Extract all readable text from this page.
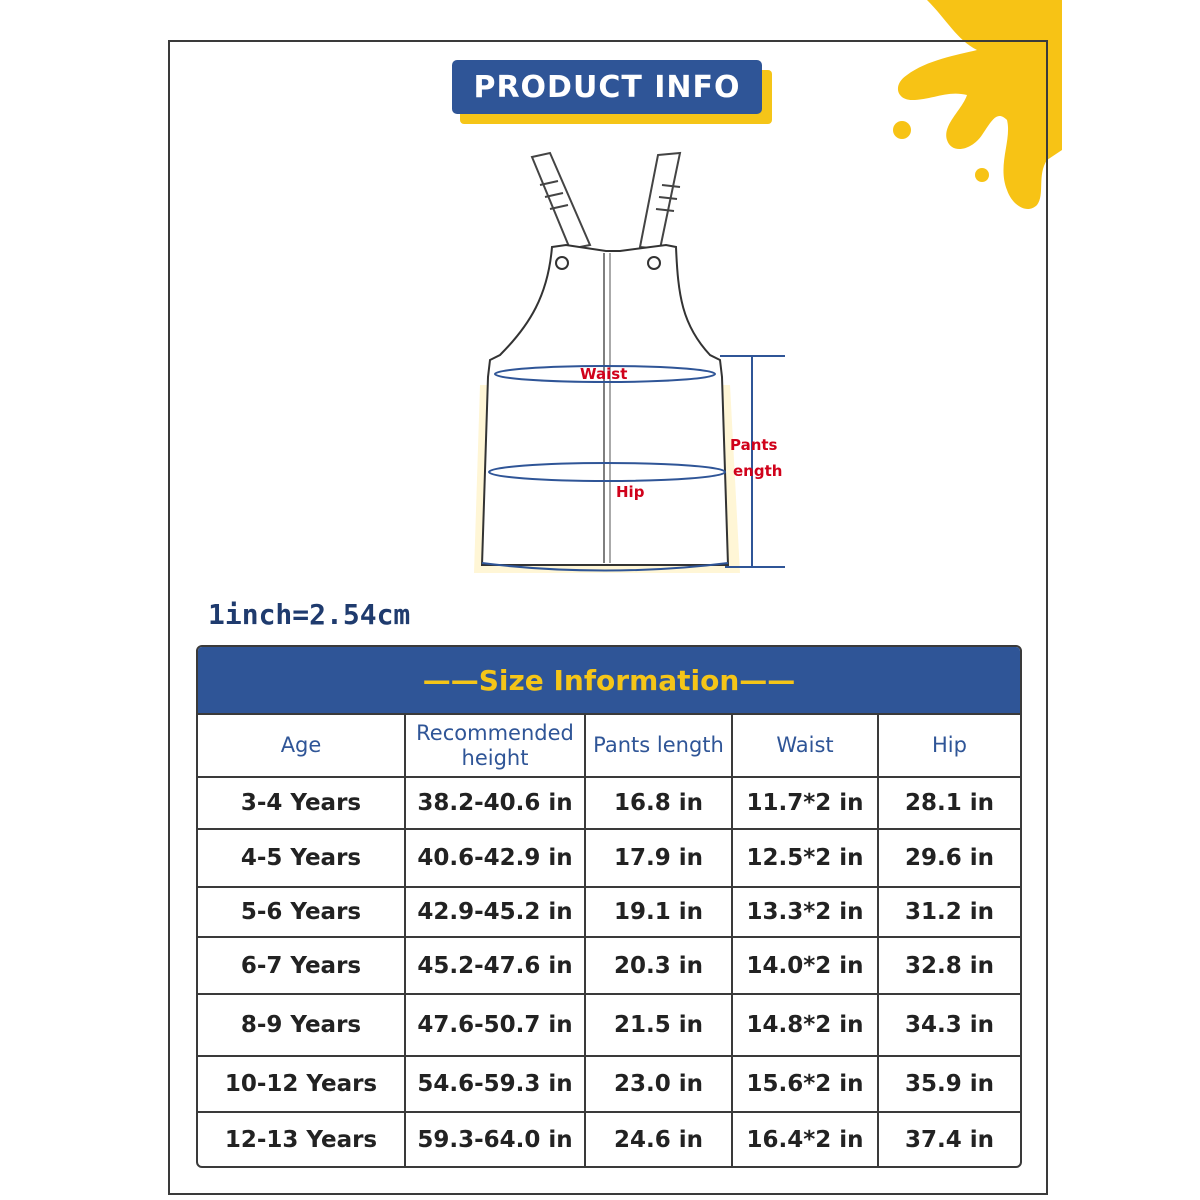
PRODUCT INFO
Waist
Hip
Pants
ength
1inch=2.54cm
——Size Information——
Age	Recommended height	Pants length	Waist	Hip
3-4 Years	38.2-40.6 in	16.8 in	11.7*2 in	28.1 in
4-5 Years	40.6-42.9 in	17.9 in	12.5*2 in	29.6 in
5-6 Years	42.9-45.2 in	19.1 in	13.3*2 in	31.2 in
6-7 Years	45.2-47.6 in	20.3 in	14.0*2 in	32.8 in
8-9 Years	47.6-50.7 in	21.5 in	14.8*2 in	34.3 in
10-12 Years	54.6-59.3 in	23.0 in	15.6*2 in	35.9 in
12-13 Years	59.3-64.0 in	24.6 in	16.4*2 in	37.4 in
